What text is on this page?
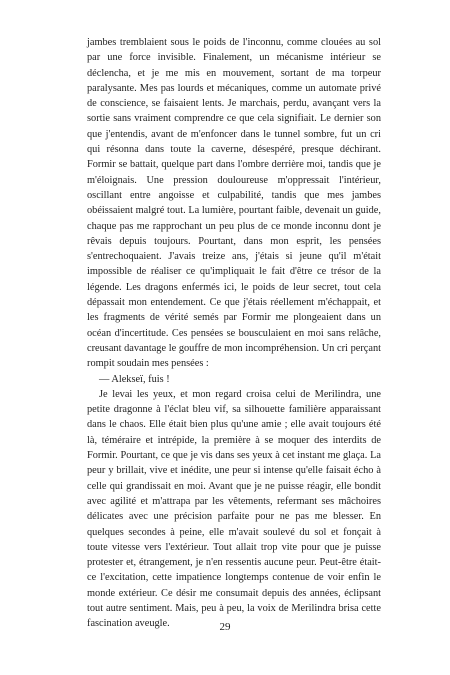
jambes tremblaient sous le poids de l'inconnu, comme clouées au sol par une force invisible. Finalement, un mécanisme intérieur se déclencha, et je me mis en mouvement, sortant de ma torpeur paralysante. Mes pas lourds et mécaniques, comme un automate privé de conscience, se faisaient lents. Je marchais, perdu, avançant vers la sortie sans vraiment comprendre ce que cela signifiait. Le dernier son que j'entendis, avant de m'enfoncer dans le tunnel sombre, fut un cri qui résonna dans toute la caverne, désespéré, presque déchirant. Formir se battait, quelque part dans l'ombre derrière moi, tandis que je m'éloignais. Une pression douloureuse m'oppressait l'intérieur, oscillant entre angoisse et culpabilité, tandis que mes jambes obéissaient malgré tout. La lumière, pourtant faible, devenait un guide, chaque pas me rapprochant un peu plus de ce monde inconnu dont je rêvais depuis toujours. Pourtant, dans mon esprit, les pensées s'entrechoquaient. J'avais treize ans, j'étais si jeune qu'il m'était impossible de réaliser ce qu'impliquait le fait d'être ce trésor de la légende. Les dragons enfermés ici, le poids de leur secret, tout cela dépassait mon entendement. Ce que j'étais réellement m'échappait, et les fragments de vérité semés par Formir me plongeaient dans un océan d'incertitude. Ces pensées se bousculaient en moi sans relâche, creusant davantage le gouffre de mon incompréhension. Un cri perçant rompit soudain mes pensées :

— Alekseï, fuis !

Je levai les yeux, et mon regard croisa celui de Merilindra, une petite dragonne à l'éclat bleu vif, sa silhouette familière apparaissant dans le chaos. Elle était bien plus qu'une amie ; elle avait toujours été là, téméraire et intrépide, la première à se moquer des interdits de Formir. Pourtant, ce que je vis dans ses yeux à cet instant me glaça. La peur y brillait, vive et inédite, une peur si intense qu'elle faisait écho à celle qui grandissait en moi. Avant que je ne puisse réagir, elle bondit avec agilité et m'attrapa par les vêtements, refermant ses mâchoires délicates avec une précision parfaite pour ne pas me blesser. En quelques secondes à peine, elle m'avait soulevé du sol et fonçait à toute vitesse vers l'extérieur. Tout allait trop vite pour que je puisse protester et, étrangement, je n'en ressentis aucune peur. Peut-être était-ce l'excitation, cette impatience longtemps contenue de voir enfin le monde extérieur. Ce désir me consumait depuis des années, éclipsant tout autre sentiment. Mais, peu à peu, la voix de Merilindra brisa cette fascination aveugle.	29
